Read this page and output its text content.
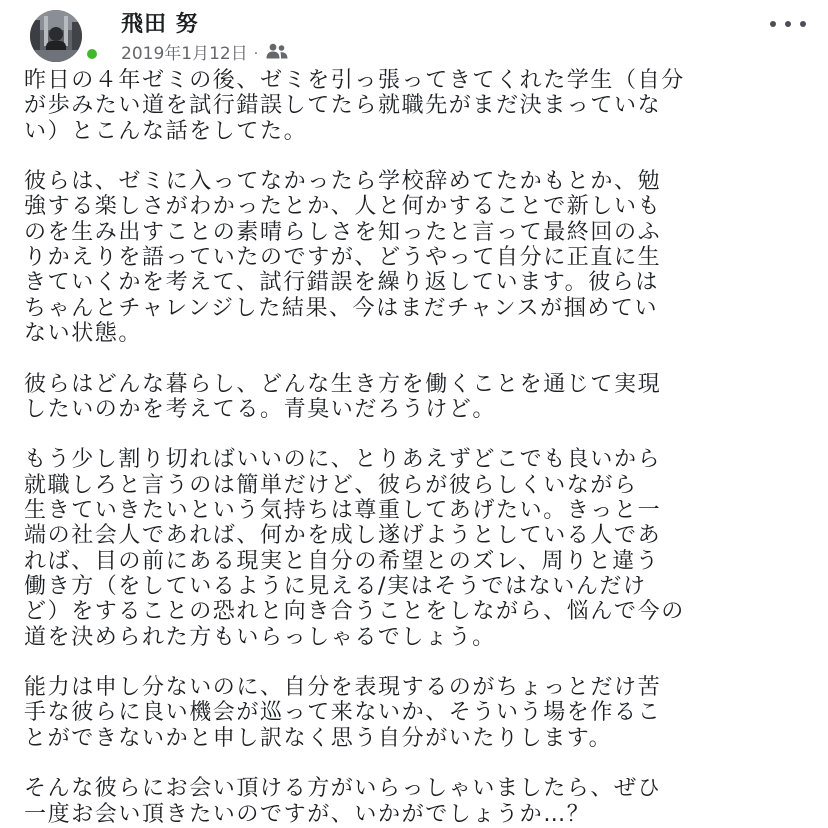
飛田 努
2019年1月12日 ·
昨日の４年ゼミの後、ゼミを引っ張ってきてくれた学生（自分
が歩みたい道を試行錯誤してたら就職先がまだ決まっていな
い）とこんな話をしてた。
彼らは、ゼミに入ってなかったら学校辞めてたかもとか、勉
強する楽しさがわかったとか、人と何かすることで新しいも
のを生み出すことの素晴らしさを知ったと言って最終回のふ
りかえりを語っていたのですが、どうやって自分に正直に生
きていくかを考えて、試行錯誤を繰り返しています。彼らは
ちゃんとチャレンジした結果、今はまだチャンスが掴めてい
ない状態。
彼らはどんな暮らし、どんな生き方を働くことを通じて実現
したいのかを考えてる。青臭いだろうけど。
もう少し割り切ればいいのに、とりあえずどこでも良いから
就職しろと言うのは簡単だけど、彼らが彼らしくいながら
生きていきたいという気持ちは尊重してあげたい。きっと一
端の社会人であれば、何かを成し遂げようとしている人であ
れば、目の前にある現実と自分の希望とのズレ、周りと違う
働き方（をしているように見える/実はそうではないんだけ
ど）をすることの恐れと向き合うことをしながら、悩んで今の
道を決められた方もいらっしゃるでしょう。
能力は申し分ないのに、自分を表現するのがちょっとだけ苦
手な彼らに良い機会が巡って来ないか、そういう場を作るこ
とができないかと申し訳なく思う自分がいたりします。
そんな彼らにお会い頂ける方がいらっしゃいましたら、ぜひ
一度お会い頂きたいのですが、いかがでしょうか…？
